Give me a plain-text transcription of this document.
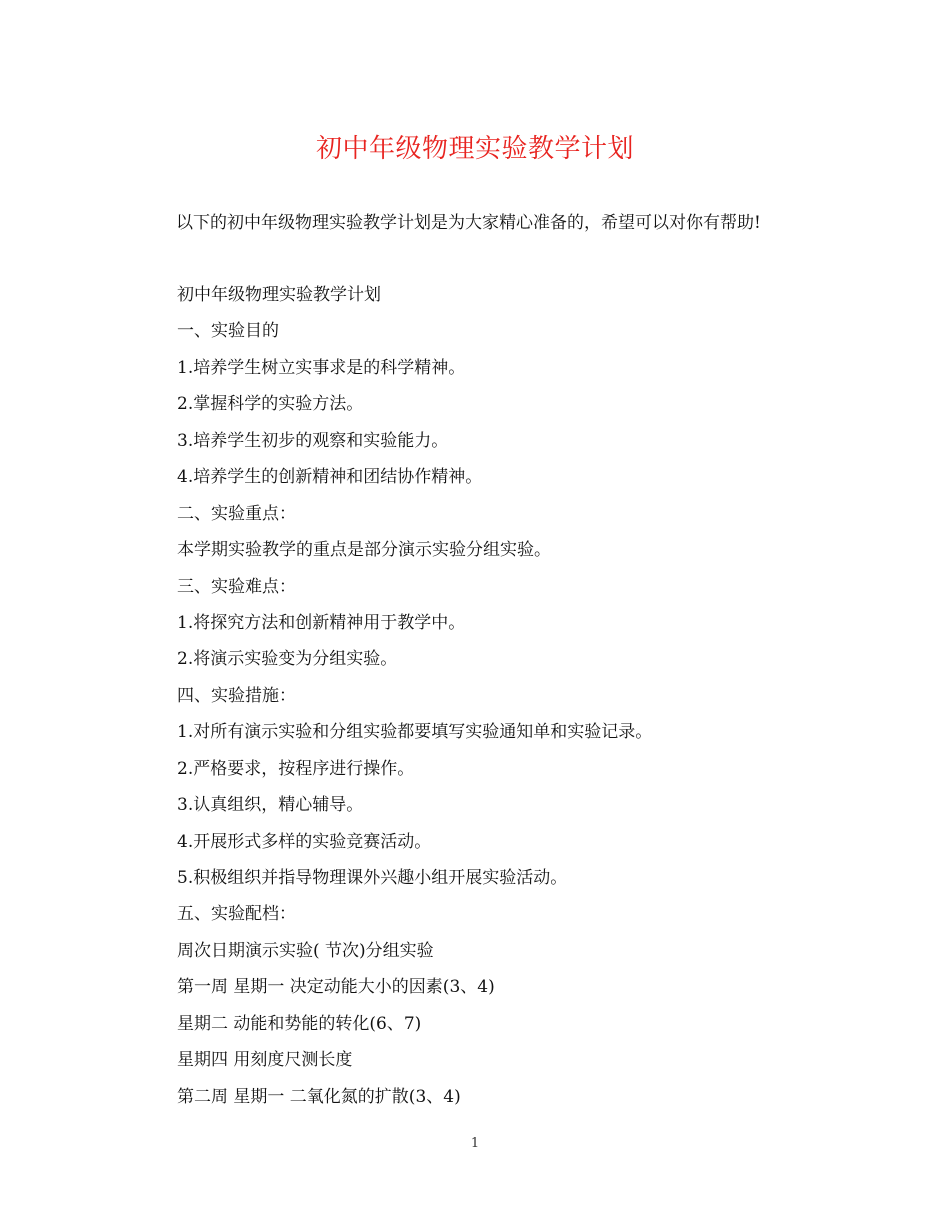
初中年级物理实验教学计划
以下的初中年级物理实验教学计划是为大家精心准备的，希望可以对你有帮助!
初中年级物理实验教学计划
一、实验目的
1.培养学生树立实事求是的科学精神。
2.掌握科学的实验方法。
3.培养学生初步的观察和实验能力。
4.培养学生的创新精神和团结协作精神。
二、实验重点：
本学期实验教学的重点是部分演示实验分组实验。
三、实验难点：
1.将探究方法和创新精神用于教学中。
2.将演示实验变为分组实验。
四、实验措施：
1.对所有演示实验和分组实验都要填写实验通知单和实验记录。
2.严格要求，按程序进行操作。
3.认真组织，精心辅导。
4.开展形式多样的实验竞赛活动。
5.积极组织并指导物理课外兴趣小组开展实验活动。
五、实验配档：
周次日期演示实验( 节次)分组实验
第一周 星期一 决定动能大小的因素(3、4)
星期二 动能和势能的转化(6、7)
星期四 用刻度尺测长度
第二周 星期一 二氧化氮的扩散(3、4)
1
